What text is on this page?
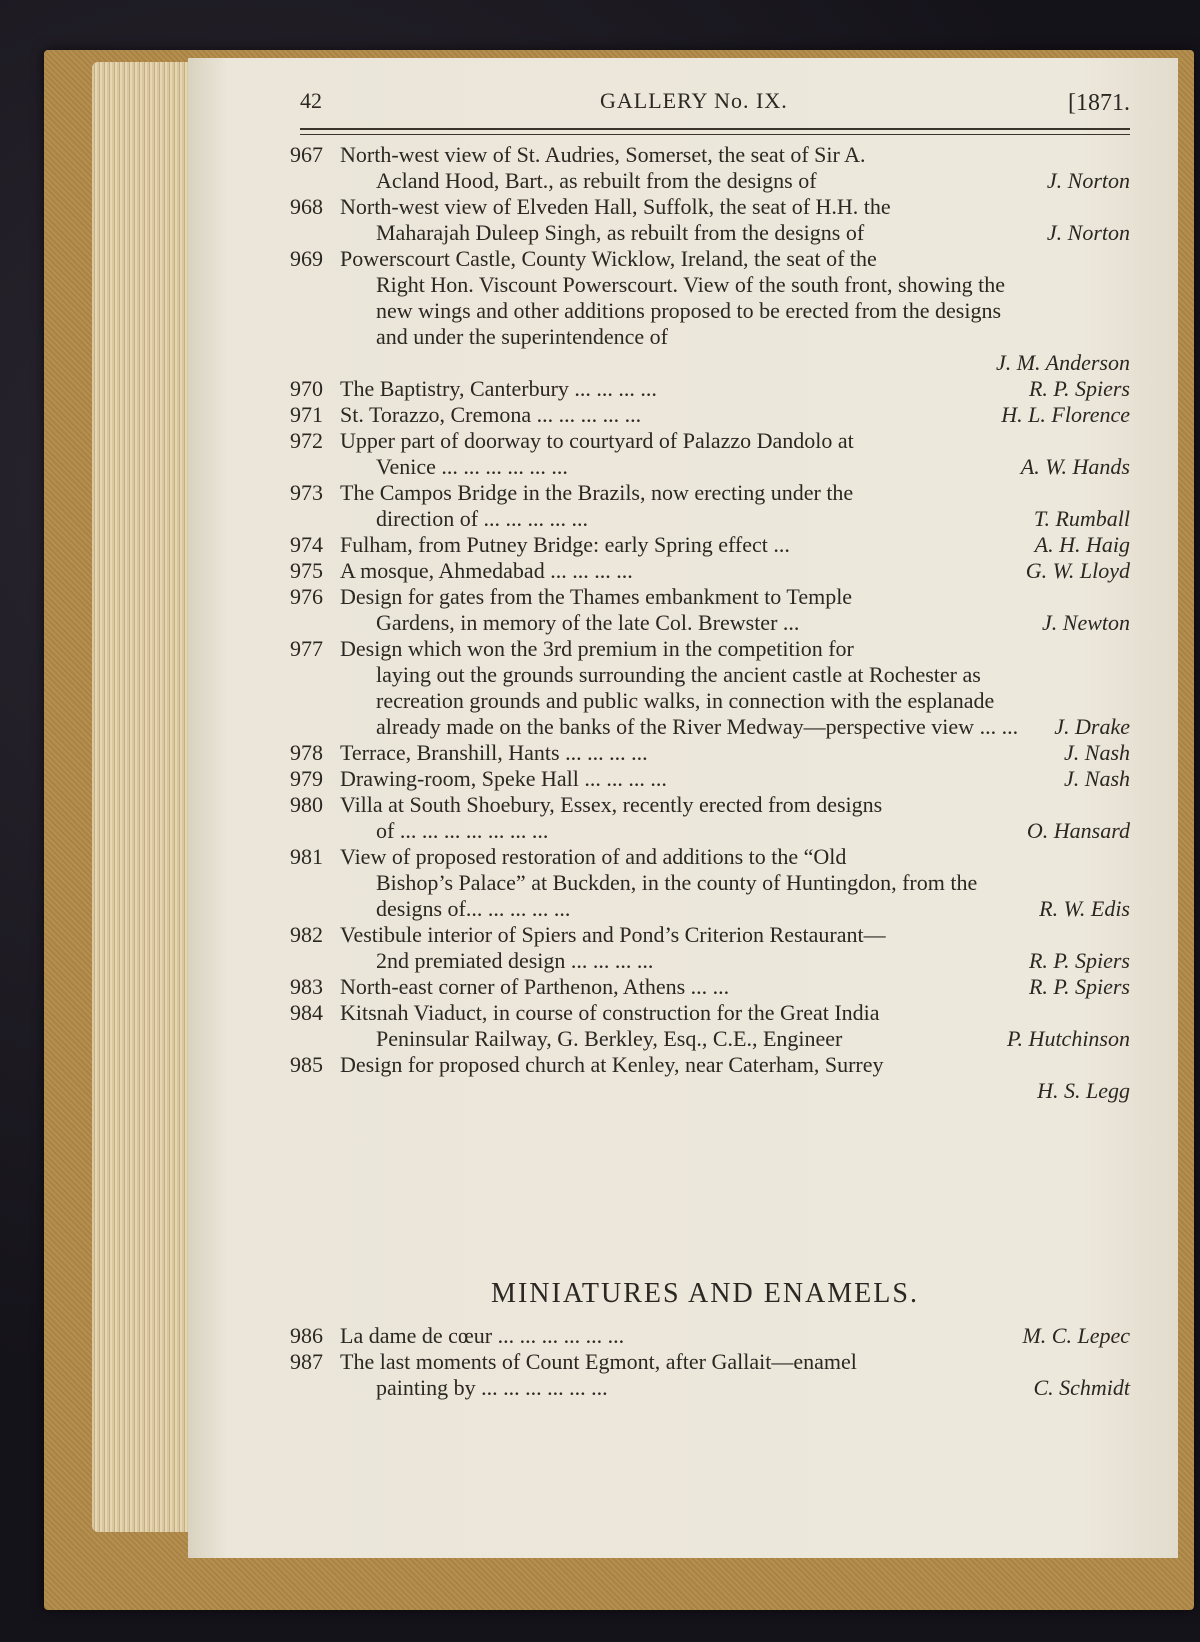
42	GALLERY No. IX.	[1871.
967 North-west view of St. Audries, Somerset, the seat of Sir A.
Acland Hood, Bart., as rebuilt from the designs of	J. Norton
968 North-west view of Elveden Hall, Suffolk, the seat of H.H. the
Maharajah Duleep Singh, as rebuilt from the designs of	J. Norton
969 Powerscourt Castle, County Wicklow, Ireland, the seat of the
Right Hon. Viscount Powerscourt. View of the south front, showing the new wings and other additions proposed to be erected from the designs and under the superintendence of
J. M. Anderson
970 The Baptistry, Canterbury ... ... ... ...	R. P. Spiers
971 St. Torazzo, Cremona ... ... ... ... ...	H. L. Florence
972 Upper part of doorway to courtyard of Palazzo Dandolo at
Venice ... ... ... ... ... ...	A. W. Hands
973 The Campos Bridge in the Brazils, now erecting under the
direction of ... ... ... ... ...	T. Rumball
974 Fulham, from Putney Bridge: early Spring effect ...	A. H. Haig
975 A mosque, Ahmedabad ... ... ... ...	G. W. Lloyd
976 Design for gates from the Thames embankment to Temple
Gardens, in memory of the late Col. Brewster ...	J. Newton
977 Design which won the 3rd premium in the competition for
laying out the grounds surrounding the ancient castle at Rochester as recreation grounds and public walks, in connection with the esplanade already made on the banks of the River Medway—perspective view ... ...	J. Drake
978 Terrace, Branshill, Hants ... ... ... ...	J. Nash
979 Drawing-room, Speke Hall ... ... ... ...	J. Nash
980 Villa at South Shoebury, Essex, recently erected from designs
of ... ... ... ... ... ... ...	O. Hansard
981 View of proposed restoration of and additions to the “Old
Bishop’s Palace” at Buckden, in the county of Huntingdon, from the designs of... ... ... ... ...	R. W. Edis
982 Vestibule interior of Spiers and Pond’s Criterion Restaurant—
2nd premiated design ... ... ... ...	R. P. Spiers
983 North-east corner of Parthenon, Athens ... ...	R. P. Spiers
984 Kitsnah Viaduct, in course of construction for the Great India
Peninsular Railway, G. Berkley, Esq., C.E., Engineer	P. Hutchinson
985 Design for proposed church at Kenley, near Caterham, Surrey
H. S. Legg
MINIATURES AND ENAMELS.
986 La dame de cœur ... ... ... ... ... ...	M. C. Lepec
987 The last moments of Count Egmont, after Gallait—enamel
painting by ... ... ... ... ... ...	C. Schmidt
